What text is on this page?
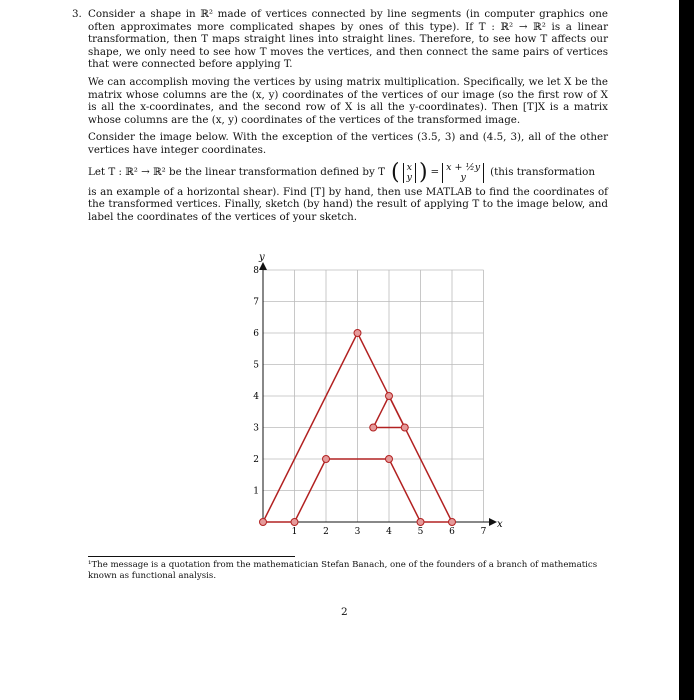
3. Consider a shape in ℝ² made of vertices connected by line segments (in computer graphics one often approximates more complicated shapes by ones of this type). If T : ℝ² → ℝ² is a linear transformation, then T maps straight lines into straight lines. Therefore, to see how T affects our shape, we only need to see how T moves the vertices, and then connect the same pairs of vertices that were connected before applying T.

We can accomplish moving the vertices by using matrix multiplication. Specifically, we let X be the matrix whose columns are the (x, y) coordinates of the vertices of our image (so the first row of X is all the x-coordinates, and the second row of X is all the y-coordinates). Then [T]X is a matrix whose columns are the (x, y) coordinates of the vertices of the transformed image.

Consider the image below. With the exception of the vertices (3.5, 3) and (4.5, 3), all of the other vertices have integer coordinates.

Let T : ℝ² → ℝ² be the linear transformation defined by T ( x
y ) = x + ½y
y (this transformation

is an example of a horizontal shear). Find [T] by hand, then use MATLAB to find the coordinates of the transformed vertices. Finally, sketch (by hand) the result of applying T to the image below, and label the coordinates of the vertices of your sketch.

x
y
1	2	3	4	5	6	7
1
2
3
4
5
6
7
8
¹The message is a quotation from the mathematician Stefan Banach, one of the founders of a branch of mathematics known as functional analysis.
2
